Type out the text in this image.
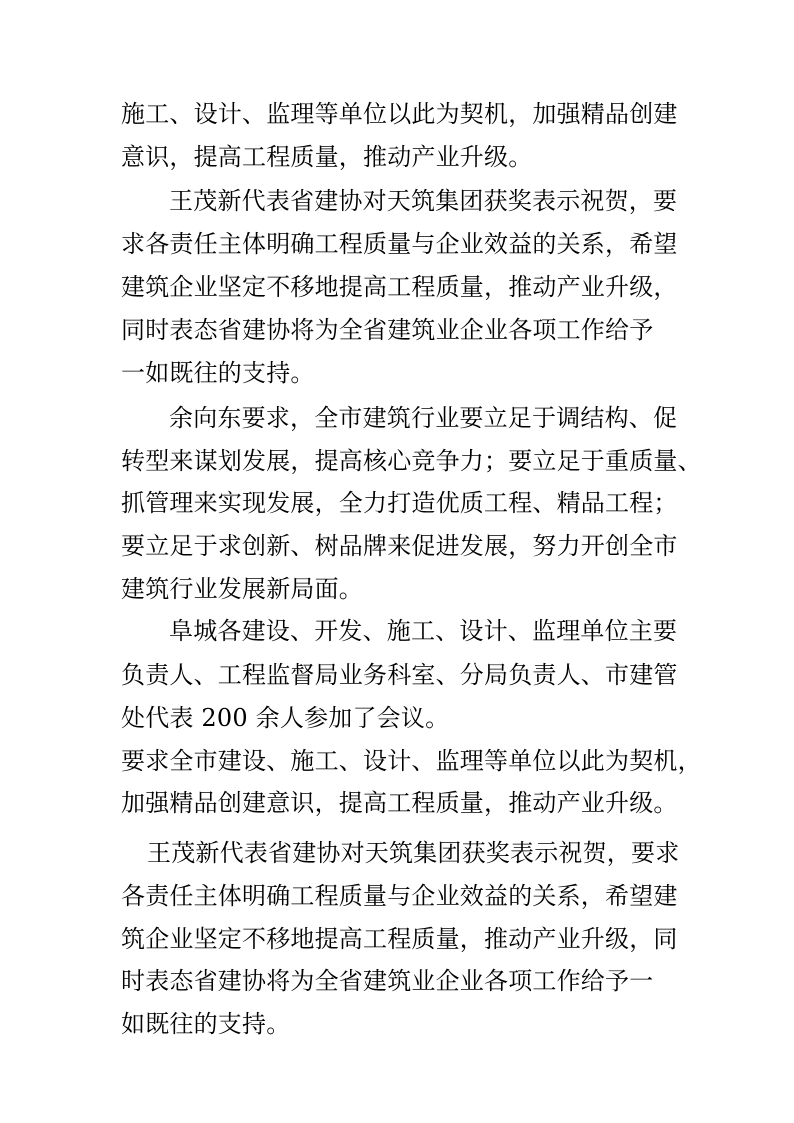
施工、设计、监理等单位以此为契机，加强精品创建
意识，提高工程质量，推动产业升级。
王茂新代表省建协对天筑集团获奖表示祝贺，要
求各责任主体明确工程质量与企业效益的关系，希望
建筑企业坚定不移地提高工程质量，推动产业升级，
同时表态省建协将为全省建筑业企业各项工作给予
一如既往的支持。
余向东要求，全市建筑行业要立足于调结构、促
转型来谋划发展，提高核心竞争力；要立足于重质量、
抓管理来实现发展，全力打造优质工程、精品工程；
要立足于求创新、树品牌来促进发展，努力开创全市
建筑行业发展新局面。
阜城各建设、开发、施工、设计、监理单位主要
负责人、工程监督局业务科室、分局负责人、市建管
处代表 200 余人参加了会议。
要求全市建设、施工、设计、监理等单位以此为契机，
加强精品创建意识，提高工程质量，推动产业升级。
王茂新代表省建协对天筑集团获奖表示祝贺，要求
各责任主体明确工程质量与企业效益的关系，希望建
筑企业坚定不移地提高工程质量，推动产业升级，同
时表态省建协将为全省建筑业企业各项工作给予一
如既往的支持。
